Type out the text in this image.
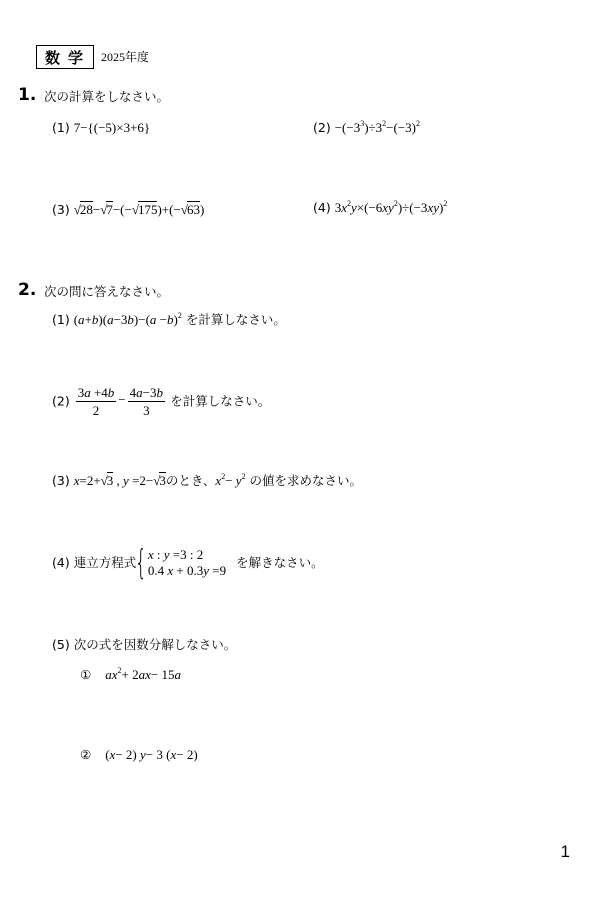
数学 2025年度
1. 次の計算をしなさい。
(1) 7−{(−5)×3+6}	$(2) -(-3^3)\div 3^2-(-3)^2$
(3) √28−√7−(−√175)+(−√63)	(4) $3x^2y\times(-6xy^2)\div(-3xy)^2$
2. 次の問に答えなさい。
(1) $(a+b)(a-3b)-(a -b)^2$ を計算しなさい。
$(2) \frac{3a +4b}{2} - \frac{4a-3b}{3}$ を計算しなさい。
(3) x=2+√3 , y =2−√3のとき、$x^2- y^2$ の値を求めなさい。
(4) 連立方程式{ x : y =3 : 2
0.4 x + 0.3y =9
を解きなさい。
(5) 次の式を因数分解しなさい。
① $ax^2+ 2ax- 15a$
② (x− 2) y− 3 (x− 2)
1
